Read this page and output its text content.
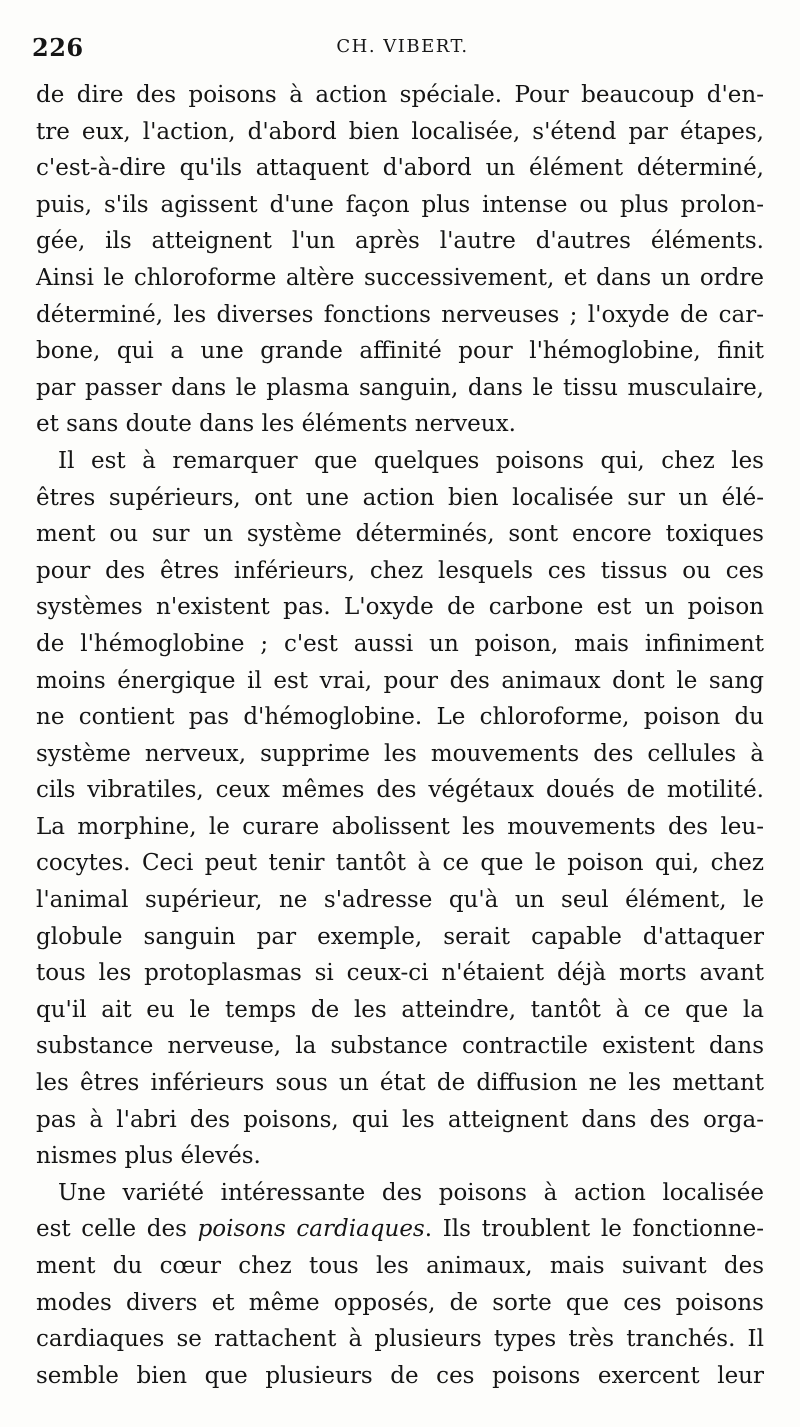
226	CH. VIBERT.
de dire des poisons à action spéciale. Pour beaucoup d'en-
tre eux, l'action, d'abord bien localisée, s'étend par étapes,
c'est-à-dire qu'ils attaquent d'abord un élément déterminé,
puis, s'ils agissent d'une façon plus intense ou plus prolon-
gée, ils atteignent l'un après l'autre d'autres éléments.
Ainsi le chloroforme altère successivement, et dans un ordre
déterminé, les diverses fonctions nerveuses ; l'oxyde de car-
bone, qui a une grande affinité pour l'hémoglobine, finit
par passer dans le plasma sanguin, dans le tissu musculaire,
et sans doute dans les éléments nerveux.
Il est à remarquer que quelques poisons qui, chez les
êtres supérieurs, ont une action bien localisée sur un élé-
ment ou sur un système déterminés, sont encore toxiques
pour des êtres inférieurs, chez lesquels ces tissus ou ces
systèmes n'existent pas. L'oxyde de carbone est un poison
de l'hémoglobine ; c'est aussi un poison, mais infiniment
moins énergique il est vrai, pour des animaux dont le sang
ne contient pas d'hémoglobine. Le chloroforme, poison du
système nerveux, supprime les mouvements des cellules à
cils vibratiles, ceux mêmes des végétaux doués de motilité.
La morphine, le curare abolissent les mouvements des leu-
cocytes. Ceci peut tenir tantôt à ce que le poison qui, chez
l'animal supérieur, ne s'adresse qu'à un seul élément, le
globule sanguin par exemple, serait capable d'attaquer
tous les protoplasmas si ceux-ci n'étaient déjà morts avant
qu'il ait eu le temps de les atteindre, tantôt à ce que la
substance nerveuse, la substance contractile existent dans
les êtres inférieurs sous un état de diffusion ne les mettant
pas à l'abri des poisons, qui les atteignent dans des orga-
nismes plus élevés.
Une variété intéressante des poisons à action localisée
est celle des poisons cardiaques. Ils troublent le fonctionne-
ment du cœur chez tous les animaux, mais suivant des
modes divers et même opposés, de sorte que ces poisons
cardiaques se rattachent à plusieurs types très tranchés. Il
semble bien que plusieurs de ces poisons exercent leur
